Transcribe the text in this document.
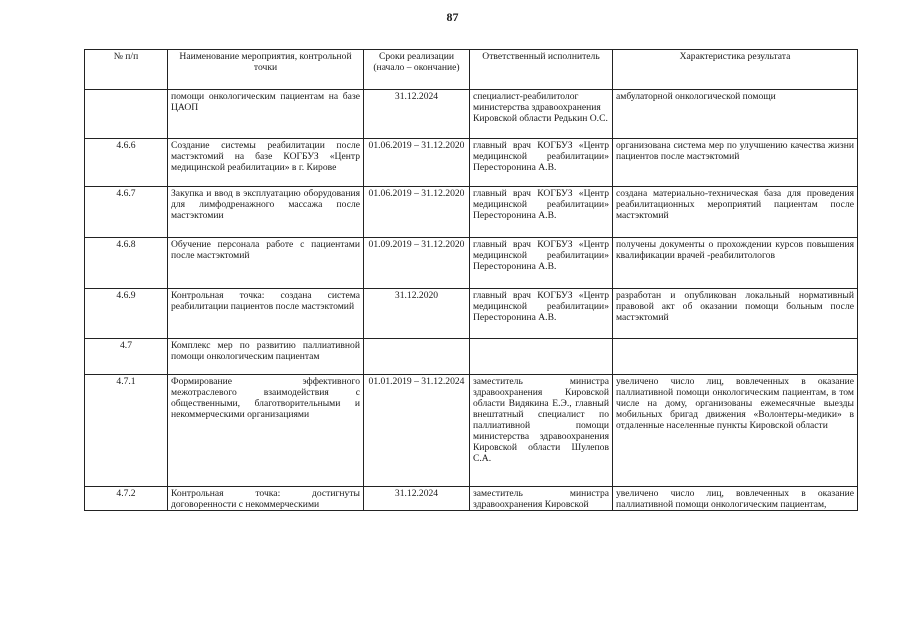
87
№ п/п	Наименование мероприятия, контрольной точки	Сроки реализации (начало – окончание)	Ответственный исполнитель	Характеристика результата
	помощи онкологическим пациентам на базе ЦАОП	31.12.2024	специалист-реабилитолог министерства здравоохранения Кировской области Редькин О.С.	амбулаторной онкологической помощи
4.6.6	Создание системы реабилитации после мастэктомий на базе КОГБУЗ «Центр медицинской реабилитации» в г. Кирове	01.06.2019 – 31.12.2020	главный врач КОГБУЗ «Центр медицинской реабилитации» Пересторонина А.В.	организована система мер по улучшению качества жизни пациентов после мастэктомий
4.6.7	Закупка и ввод в эксплуатацию оборудования для лимфодренажного массажа после мастэктомии	01.06.2019 – 31.12.2020	главный врач КОГБУЗ «Центр медицинской реабилитации» Пересторонина А.В.	создана материально-техническая база для проведения реабилитационных мероприятий пациентам после мастэктомий
4.6.8	Обучение персонала работе с пациентами после мастэктомий	01.09.2019 – 31.12.2020	главный врач КОГБУЗ «Центр медицинской реабилитации» Пересторонина А.В.	получены документы о прохождении курсов повышения квалификации врачей -реабилитологов
4.6.9	Контрольная точка: создана система реабилитации пациентов после мастэктомий	31.12.2020	главный врач КОГБУЗ «Центр медицинской реабилитации» Пересторонина А.В.	разработан и опубликован локальный нормативный правовой акт об оказании помощи больным после мастэктомий
4.7	Комплекс мер по развитию паллиативной помощи онкологическим пациентам			
4.7.1	Формирование эффективного межотраслевого взаимодействия с общественными, благотворительными и некоммерческими организациями	01.01.2019 – 31.12.2024	заместитель министра здравоохранения Кировской области Видякина Е.Э., главный внештатный специалист по паллиативной помощи министерства здравоохранения Кировской области Шулепов С.А.	увеличено число лиц, вовлеченных в оказание паллиативной помощи онкологическим пациентам, в том числе на дому, организованы ежемесячные выезды мобильных бригад движения «Волонтеры-медики» в отдаленные населенные пункты Кировской области
4.7.2	Контрольная точка: достигнуты договоренности с некоммерческими	31.12.2024	заместитель министра здравоохранения Кировской	увеличено число лиц, вовлеченных в оказание паллиативной помощи онкологическим пациентам,
